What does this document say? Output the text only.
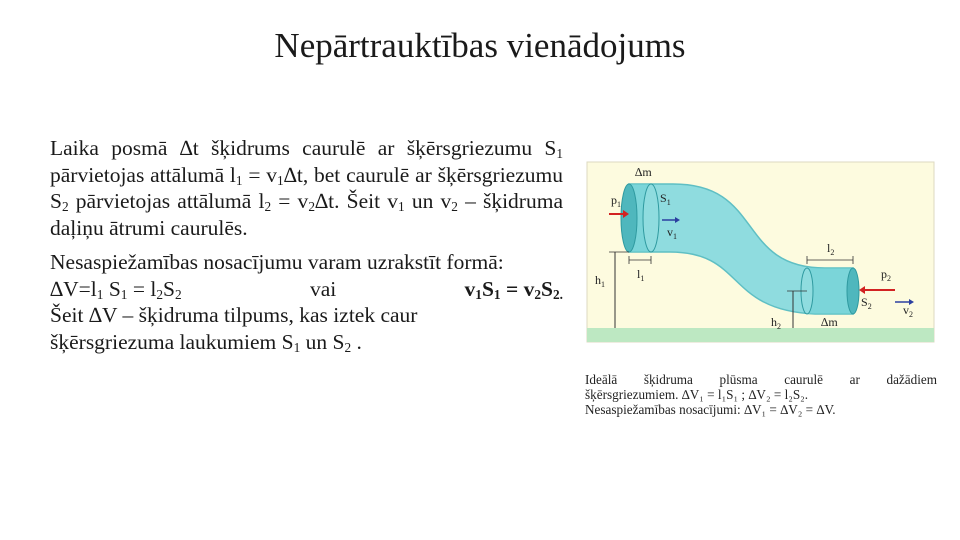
Nepārtrauktības vienādojums

Laika posmā ∆t šķidrums caurulē ar šķērsgriezumu $S_1$ pārvietojas attālumā $l_1 = v_1\Delta t$, bet caurulē ar šķērsgriezumu $S_2$ pārvietojas attālumā $l_2 = v_2\Delta t$. Šeit $v_1$ un $v_2$ – šķidruma daļiņu ātrumi caurulēs.

Nesaspiežamības nosacījumu varam uzrakstīt formā:

$\Delta V=l_1$ $S_1 = l_2S_2$	vai	$v_1S_1 = v_2S_{2.}$
Šeit ∆V – šķidruma tilpums, kas iztek caur
šķērsgriezuma laukumiem $S_1$ un $S_2$ .
∆m
$p_1$	$S_1$
$v_1$
$h_1$
$l_1$
$l_2$
$p_2$
$S_2$	$v_2$
$h_2$	∆m
Ideālā šķidruma plūsma caurulē ar dažādiem
šķērsgriezumiem. ∆V₁ = l₁S₁ ; ∆V₂ = l₂S₂.
Nesaspiežamības nosacījumi: ∆V₁ = ∆V₂ = ∆V.
